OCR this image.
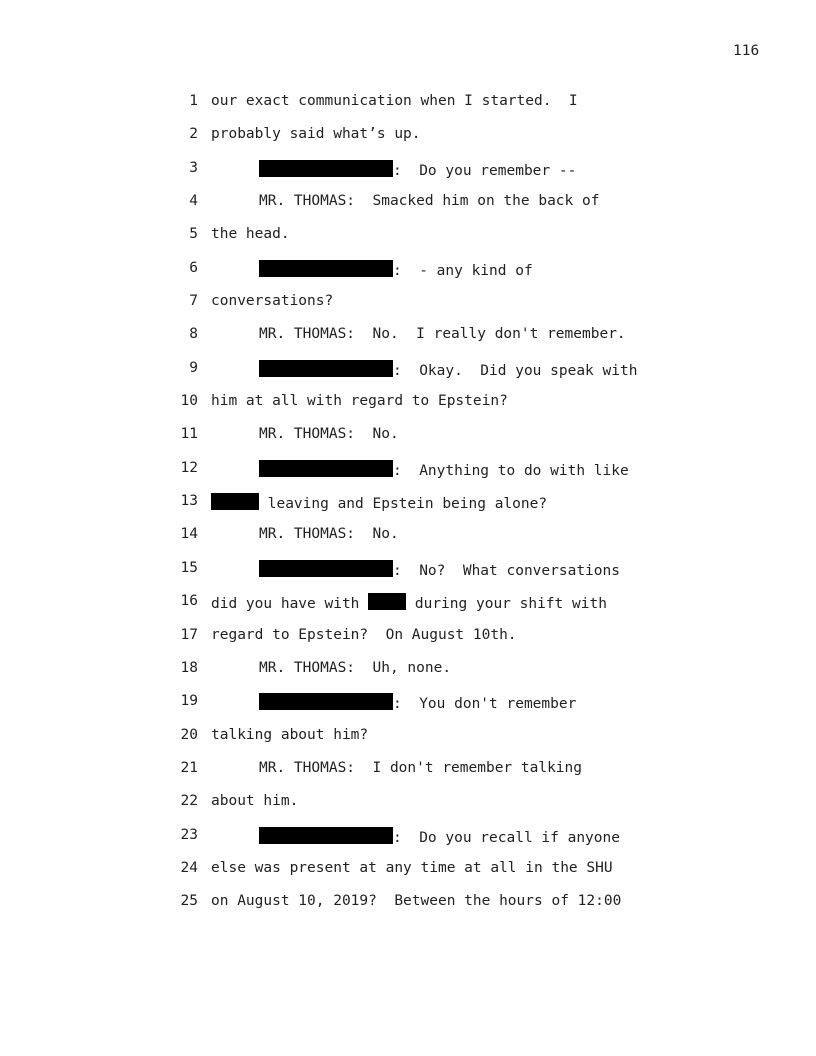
116

1

our exact communication when I started.  I

2

probably said what’s up.

3

	:  Do you remember --

4

	MR. THOMAS:  Smacked him on the back of

5

the head.

6

	:  - any kind of

7

conversations?

8

	MR. THOMAS:  No.  I really don't remember.

9

	:  Okay.  Did you speak with

10

him at all with regard to Epstein?

11

	MR. THOMAS:  No.

12

	:  Anything to do with like

13

	leaving and Epstein being alone?

14

	MR. THOMAS:  No.

15

	:  No?  What conversations

16

did you have with	during your shift with

17

regard to Epstein?  On August 10th.

18

	MR. THOMAS:  Uh, none.

19

	:  You don't remember

20

talking about him?

21

	MR. THOMAS:  I don't remember talking

22

about him.

23

	:  Do you recall if anyone

24

else was present at any time at all in the SHU

25

on August 10, 2019?  Between the hours of 12:00
